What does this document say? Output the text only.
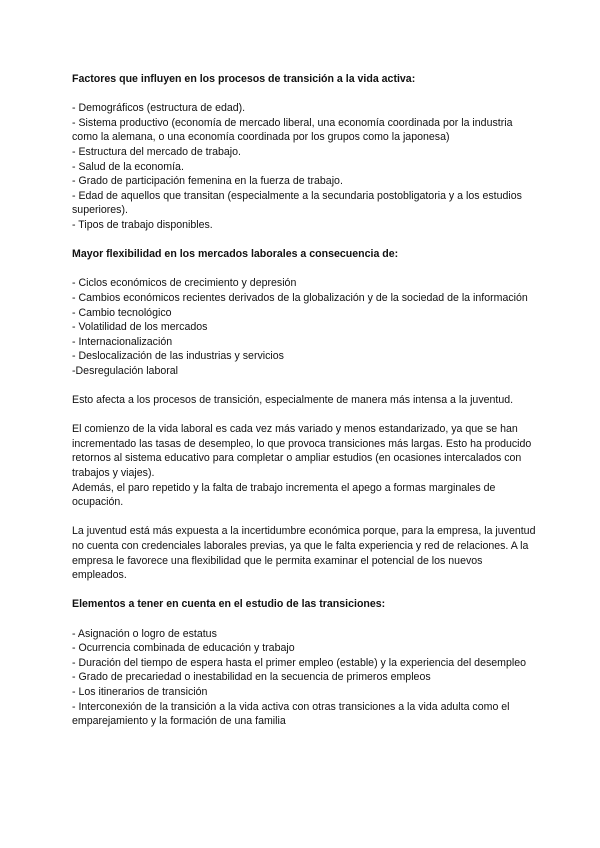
Factores que influyen en los procesos de transición a la vida activa:
- Demográficos (estructura de edad).
- Sistema productivo (economía de mercado liberal, una economía coordinada por la industria como la alemana, o una economía coordinada por los grupos como la japonesa)
- Estructura del mercado de trabajo.
- Salud de la economía.
- Grado de participación femenina en la fuerza de trabajo.
- Edad de aquellos que transitan (especialmente a la secundaria postobligatoria y a los estudios superiores).
- Tipos de trabajo disponibles.
Mayor flexibilidad en los mercados laborales a consecuencia de:
- Ciclos económicos de crecimiento y depresión
- Cambios económicos recientes derivados de la globalización y de la sociedad de la información
- Cambio tecnológico
- Volatilidad de los mercados
- Internacionalización
- Deslocalización de las industrias y servicios
-Desregulación laboral

Esto afecta a los procesos de transición, especialmente de manera más intensa a la juventud.

El comienzo de la vida laboral es cada vez más variado y menos estandarizado, ya que se han incrementado las tasas de desempleo, lo que provoca transiciones más largas. Esto ha producido retornos al sistema educativo para completar o ampliar estudios (en ocasiones intercalados con trabajos y viajes).

Además, el paro repetido y la falta de trabajo incrementa el apego a formas marginales de ocupación.

La juventud está más expuesta a la incertidumbre económica porque, para la empresa, la juventud no cuenta con credenciales laborales previas, ya que le falta experiencia y red de relaciones. A la empresa le favorece una flexibilidad que le permita examinar el potencial de los nuevos empleados.

Elementos a tener en cuenta en el estudio de las transiciones:
- Asignación o logro de estatus
- Ocurrencia combinada de educación y trabajo
- Duración del tiempo de espera hasta el primer empleo (estable) y la experiencia del desempleo
- Grado de precariedad o inestabilidad en la secuencia de primeros empleos
- Los itinerarios de transición
- Interconexión de la transición a la vida activa con otras transiciones a la vida adulta como el emparejamiento y la formación de una familia
